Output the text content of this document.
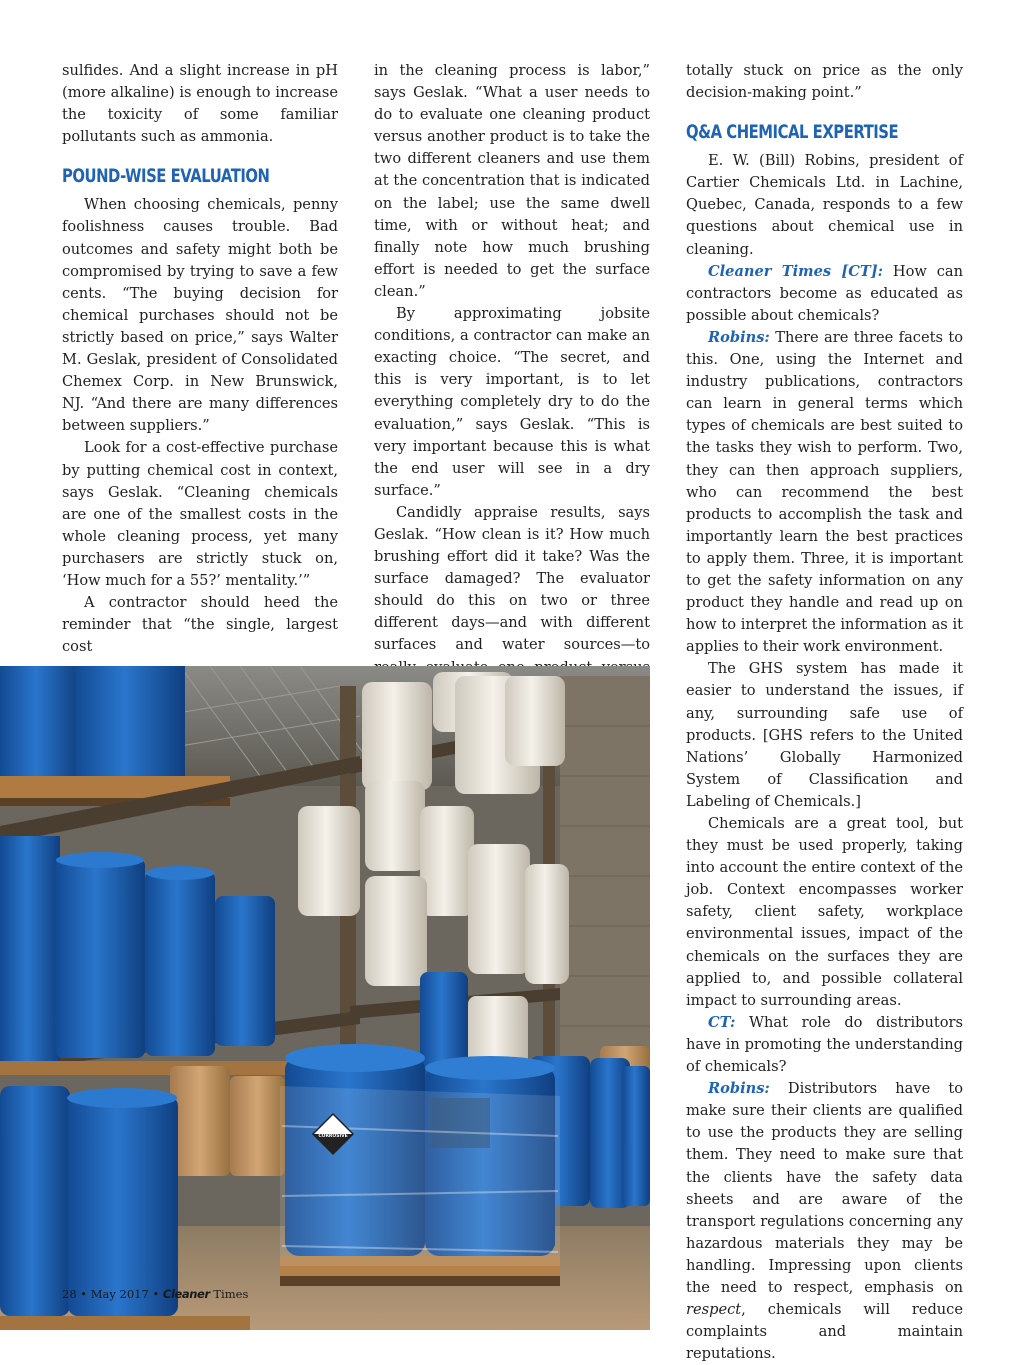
sulfides. And a slight increase in pH (more alkaline) is enough to increase the toxicity of some familiar pollutants such as ammonia.

POUND-WISE EVALUATION

When choosing chemicals, penny foolishness causes trouble. Bad outcomes and safety might both be compromised by trying to save a few cents. “The buying decision for chemical purchases should not be strictly based on price,” says Walter M. Geslak, president of Consolidated Chemex Corp. in New Brunswick, NJ. “And there are many differences between suppliers.”

Look for a cost-effective purchase by putting chemical cost in context, says Geslak. “Cleaning chemicals are one of the smallest costs in the whole cleaning process, yet many purchasers are strictly stuck on, ‘How much for a 55?’ mentality.’”

A contractor should heed the reminder that “the single, largest cost

in the cleaning process is labor,” says Geslak. “What a user needs to do to evaluate one cleaning product versus another product is to take the two different cleaners and use them at the concentration that is indicated on the label; use the same dwell time, with or without heat; and finally note how much brushing effort is needed to get the surface clean.”

By approximating jobsite conditions, a contractor can make an exacting choice. “The secret, and this is very important, is to let everything completely dry to do the evaluation,” says Geslak. “This is very important because this is what the end user will see in a dry surface.”

Candidly appraise results, says Geslak. “How clean is it? How much brushing effort did it take? Was the surface damaged? The evaluator should do this on two or three different days—and with different surfaces and water sources—to

totally stuck on price as the only decision-making point.”

Q&A CHEMICAL EXPERTISE

E. W. (Bill) Robins, president of Cartier Chemicals Ltd. in Lachine, Quebec, Canada, responds to a few questions about chemical use in cleaning.

Cleaner Times [CT]: How can contractors become as educated as possible about chemicals?

Robins: There are three facets to this. One, using the Internet and industry publications, contractors can learn in general terms which types of chemicals are best suited to the tasks they wish to perform. Two, they can then approach suppliers, who can recommend the best products to accomplish the task and importantly learn the best practices to apply them. Three, it is important to get the safety information on any product they handle and read up on how to interpret the information as it applies to their work environment.

The GHS system has made it easier to understand the issues, if any, surrounding safe use of products. [GHS refers to the United Nations’ Globally Harmonized System of Classification and Labeling of Chemicals.]

Chemicals are a great tool, but they must be used properly, taking into account the entire context of the job. Context encompasses worker safety, client safety, workplace environmental issues, impact of the chemicals on the surfaces they are applied to, and possible collateral impact to surrounding areas.

CT: What role do distributors have in promoting the understanding of chemicals?

Robins: Distributors have to make sure their clients are qualified to use the products they are selling them. They need to make sure that the clients have the safety data sheets and are aware of the transport regulations concerning any hazardous materials they may be handling. Impressing upon clients the need to respect, emphasis on respect, chemicals will reduce complaints and maintain reputations.

CORROSIVE
28 • May 2017 • Cleaner Times
